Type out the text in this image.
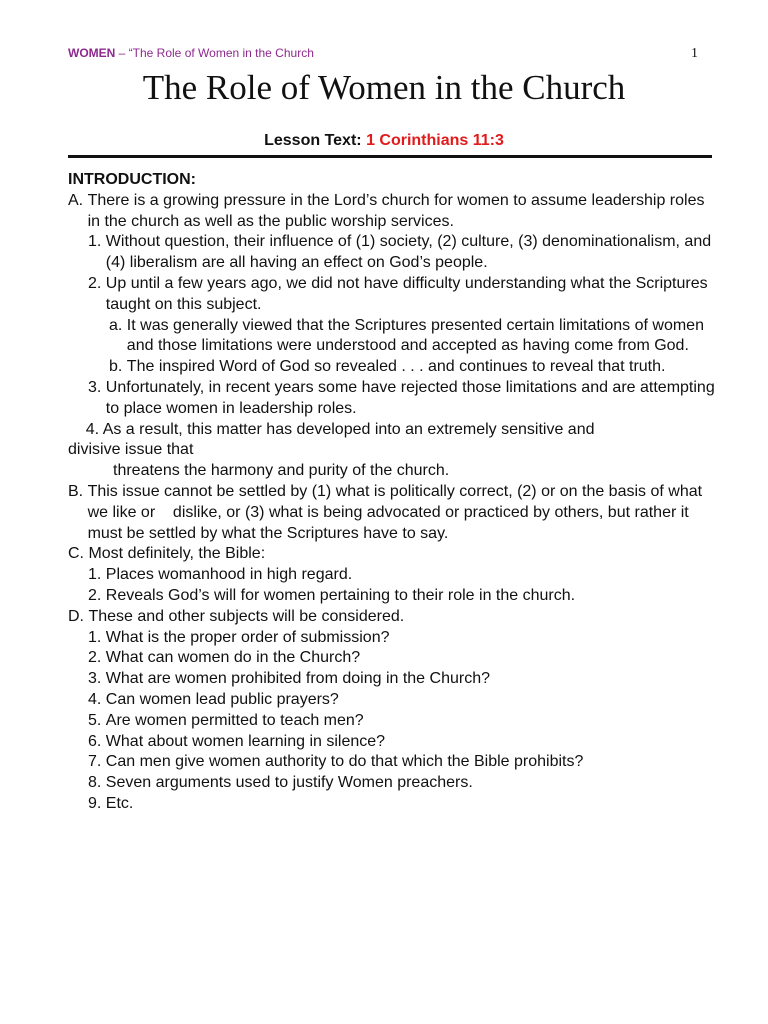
WOMEN – “The Role of Women in the Church	1
The Role of Women in the Church
Lesson Text: 1 Corinthians 11:3
INTRODUCTION:
A. There is a growing pressure in the Lord’s church for women to assume leadership roles in the church as well as the public worship services.
1. Without question, their influence of (1) society, (2) culture, (3) denominationalism, and (4) liberalism are all having an effect on God’s people.
2. Up until a few years ago, we did not have difficulty understanding what the Scriptures taught on this subject.
a. It was generally viewed that the Scriptures presented certain limitations of women and those limitations were understood and accepted as having come from God.
b. The inspired Word of God so revealed . . . and continues to reveal that truth.
3. Unfortunately, in recent years some have rejected those limitations and are attempting to place women in leadership roles.
4. As a result, this matter has developed into an extremely sensitive and
divisive issue that
threatens the harmony and purity of the church.
B. This issue cannot be settled by (1) what is politically correct, (2) or on the basis of what we like or    dislike, or (3) what is being advocated or practiced by others, but rather it must be settled by what the Scriptures have to say.
C. Most definitely, the Bible:
1. Places womanhood in high regard.
2. Reveals God’s will for women pertaining to their role in the church.
D. These and other subjects will be considered.
1. What is the proper order of submission?
2. What can women do in the Church?
3. What are women prohibited from doing in the Church?
4. Can women lead public prayers?
5. Are women permitted to teach men?
6. What about women learning in silence?
7. Can men give women authority to do that which the Bible prohibits?
8. Seven arguments used to justify Women preachers.
9. Etc.
